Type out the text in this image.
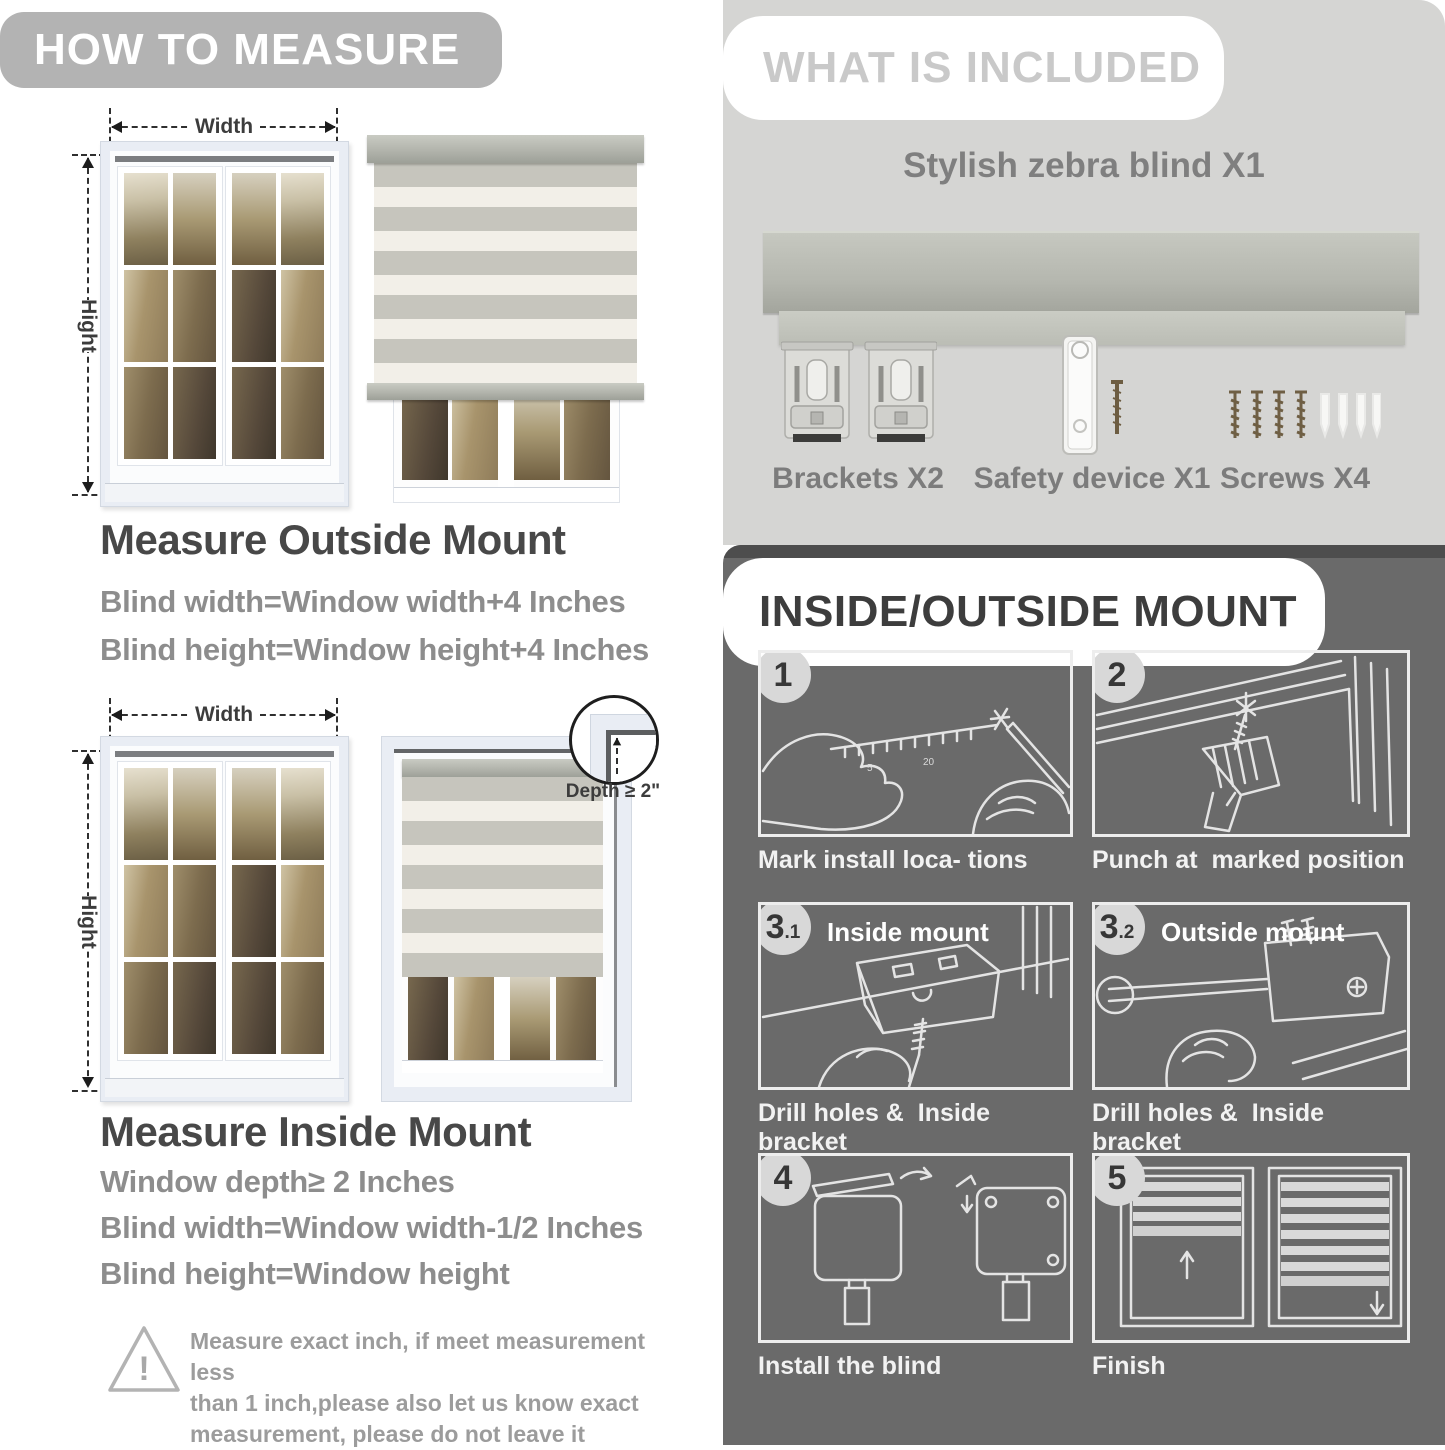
HOW TO MEASURE
Width
Hight
Measure Outside Mount
Blind width=Window width+4 Inches
Blind height=Window height+4 Inches
Width
Hight
Depth ≥ 2"
Measure Inside Mount
Window depth≥ 2 Inches
Blind width=Window width-1/2 Inches
Blind height=Window height
!
Measure exact inch, if meet measurement less
than 1 inch,please also let us know exact
measurement, please do not leave it
WHAT IS INCLUDED
Stylish zebra blind X1
Brackets X2 Safety device X1 Screws X4
INSIDE/OUTSIDE MOUNT
5
20
1
Mark install loca- tions
2
Punch at  marked position
3 .1 Inside mount
Drill holes &  Inside bracket
3 .2 Outside mount
Drill holes &  Inside bracket
4
Install the blind
5
Finish
